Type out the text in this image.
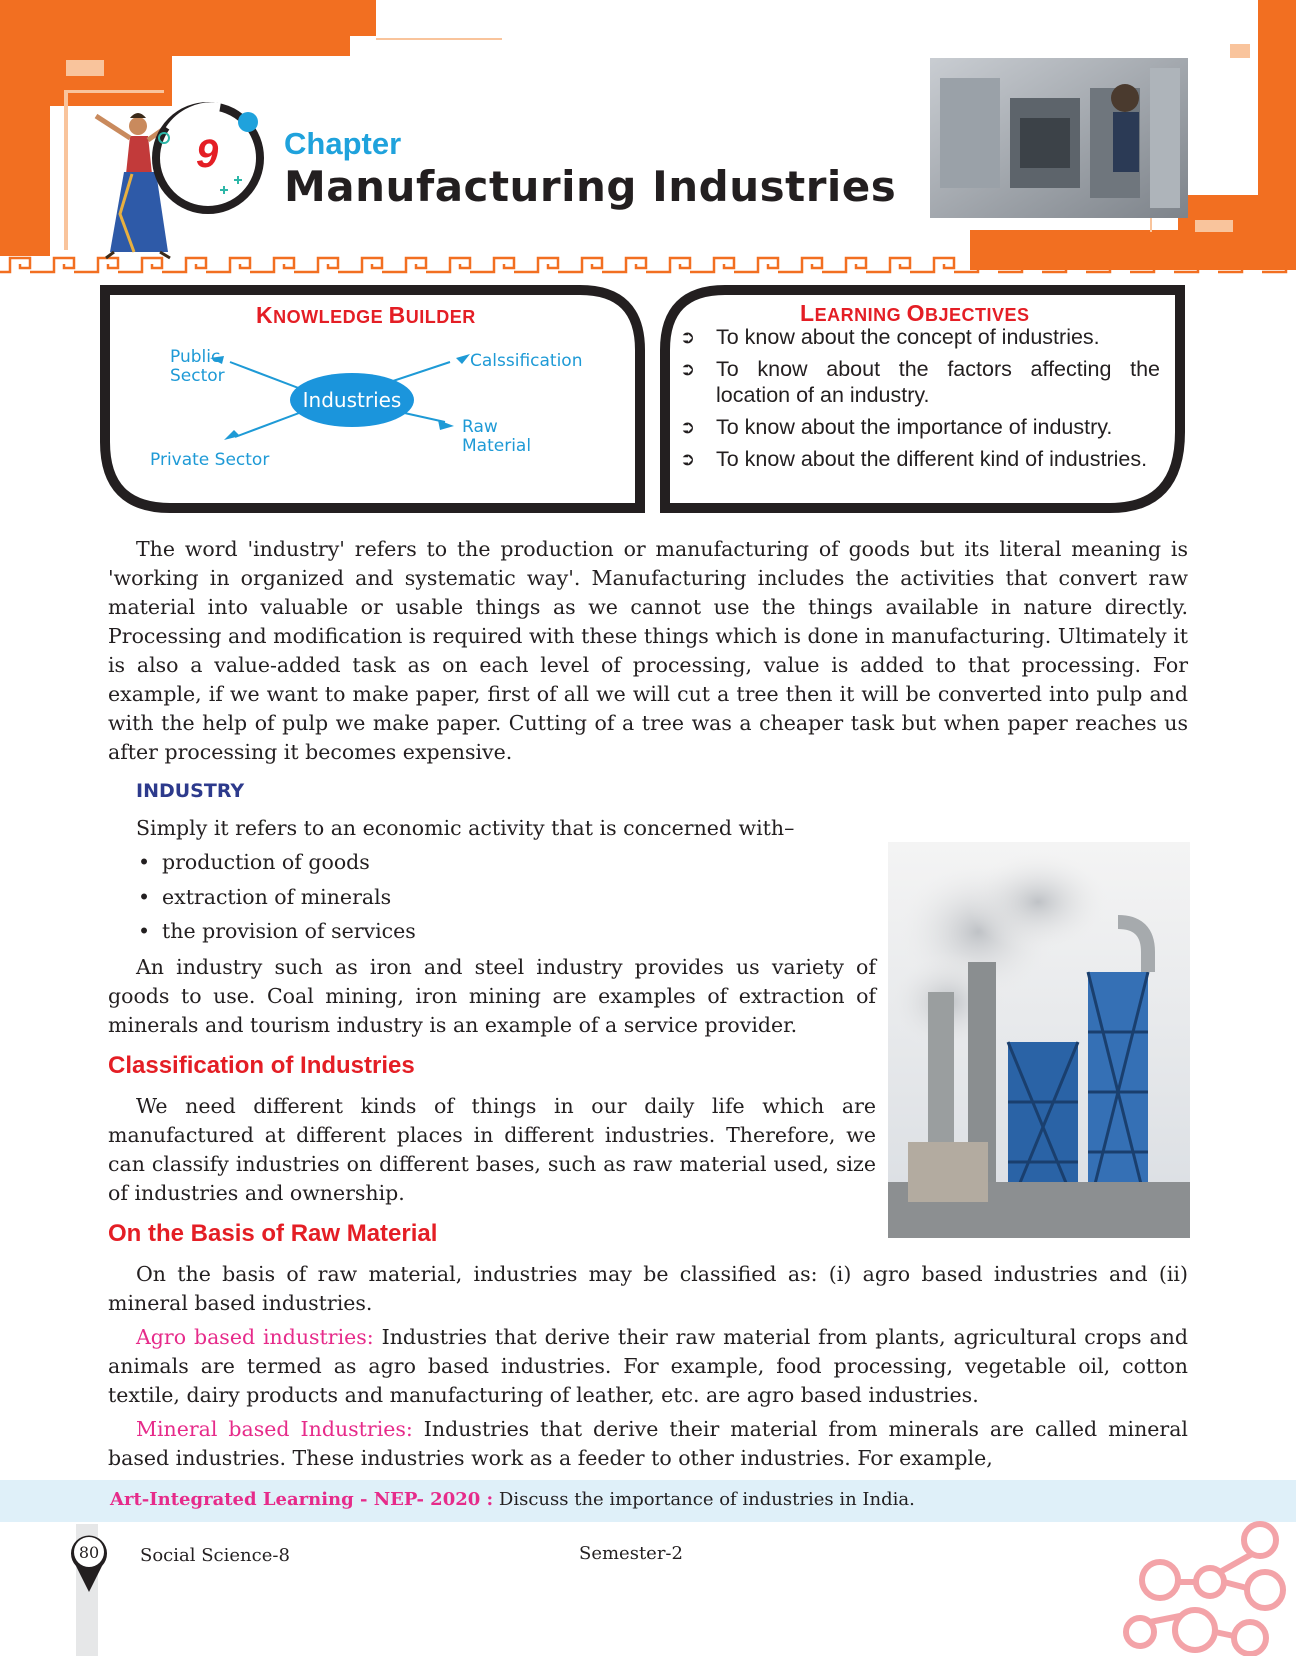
9 Chapter
Manufacturing Industries
KNOWLEDGE BUILDER
Industries
Public
Sector
Calssification
Raw
Material
Private Sector
LEARNING OBJECTIVES
➲ To know about the concept of industries.
➲ To know about the factors affecting the location of an industry.
➲ To know about the importance of industry.
➲ To know about the different kind of industries.

The word 'industry' refers to the production or manufacturing of goods but its literal meaning is 'working in organized and systematic way'. Manufacturing includes the activities that convert raw material into valuable or usable things as we cannot use the things available in nature directly. Processing and modification is required with these things which is done in manufacturing. Ultimately it is also a value-added task as on each level of processing, value is added to that processing. For example, if we want to make paper, first of all we will cut a tree then it will be converted into pulp and with the help of pulp we make paper. Cutting of a tree was a cheaper task but when paper reaches us after processing it becomes expensive.

INDUSTRY

Simply it refers to an economic activity that is concerned with–

• production of goods
• extraction of minerals
• the provision of services

An industry such as iron and steel industry provides us variety of goods to use. Coal mining, iron mining are examples of extraction of minerals and tourism industry is an example of a service provider.

Classification of Industries

We need different kinds of things in our daily life which are manufactured at different places in different industries. Therefore, we can classify industries on different bases, such as raw material used, size of industries and ownership.

On the Basis of Raw Material

On the basis of raw material, industries may be classified as: (i) agro based industries and (ii) mineral based industries.

Agro based industries: Industries that derive their raw material from plants, agricultural crops and animals are termed as agro based industries. For example, food processing, vegetable oil, cotton textile, dairy products and manufacturing of leather, etc. are agro based industries.

Mineral based Industries: Industries that derive their material from minerals are called mineral based industries. These industries work as a feeder to other industries. For example,

Art-Integrated Learning - NEP- 2020 : Discuss the importance of industries in India.
80 Social Science-8	Semester-2
